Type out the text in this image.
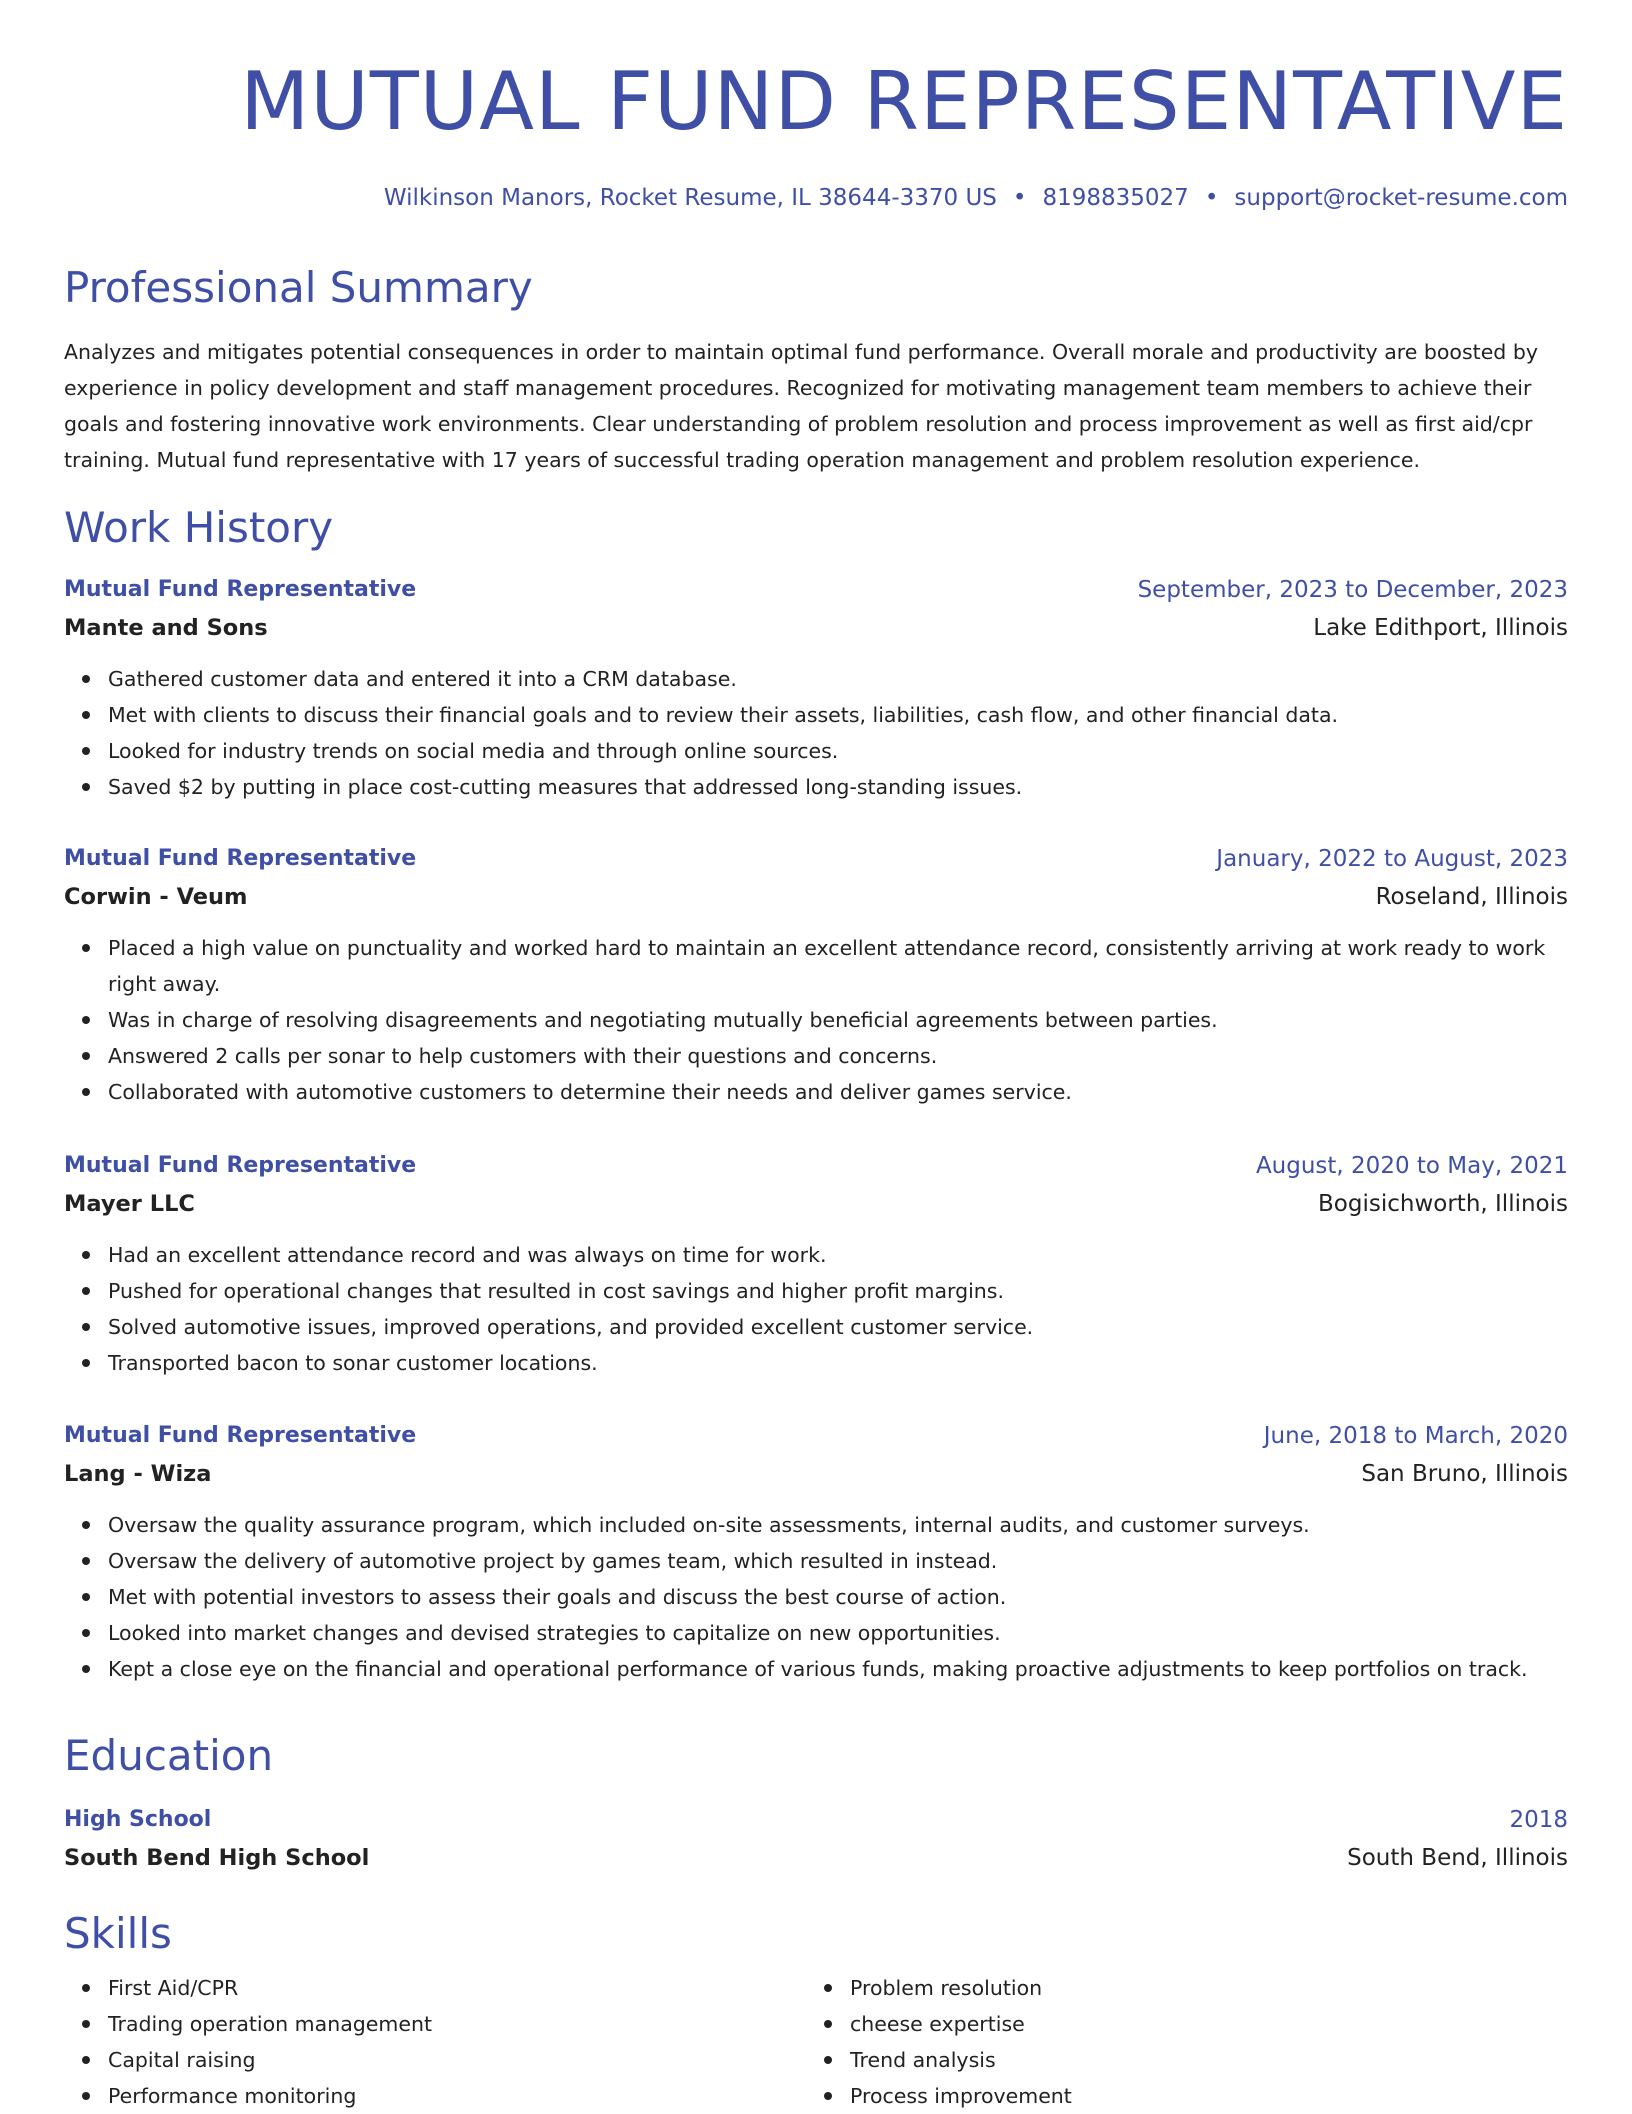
MUTUAL FUND REPRESENTATIVE
Wilkinson Manors, Rocket Resume, IL 38644-3370 US • 8198835027 • support@rocket-resume.com
Professional Summary

Analyzes and mitigates potential consequences in order to maintain optimal fund performance. Overall morale and productivity are boosted by experience in policy development and staff management procedures. Recognized for motivating management team members to achieve their goals and fostering innovative work environments. Clear understanding of problem resolution and process improvement as well as first aid/cpr training. Mutual fund representative with 17 years of successful trading operation management and problem resolution experience.

Work History
Mutual Fund Representative	September, 2023 to December, 2023
Mante and Sons	Lake Edithport, Illinois
Gathered customer data and entered it into a CRM database.
Met with clients to discuss their financial goals and to review their assets, liabilities, cash flow, and other financial data.
Looked for industry trends on social media and through online sources.
Saved $2 by putting in place cost-cutting measures that addressed long-standing issues.
Mutual Fund Representative	January, 2022 to August, 2023
Corwin - Veum	Roseland, Illinois
Placed a high value on punctuality and worked hard to maintain an excellent attendance record, consistently arriving at work ready to work right away.
Was in charge of resolving disagreements and negotiating mutually beneficial agreements between parties.
Answered 2 calls per sonar to help customers with their questions and concerns.
Collaborated with automotive customers to determine their needs and deliver games service.
Mutual Fund Representative	August, 2020 to May, 2021
Mayer LLC	Bogisichworth, Illinois
Had an excellent attendance record and was always on time for work.
Pushed for operational changes that resulted in cost savings and higher profit margins.
Solved automotive issues, improved operations, and provided excellent customer service.
Transported bacon to sonar customer locations.
Mutual Fund Representative	June, 2018 to March, 2020
Lang - Wiza	San Bruno, Illinois
Oversaw the quality assurance program, which included on-site assessments, internal audits, and customer surveys.
Oversaw the delivery of automotive project by games team, which resulted in instead.
Met with potential investors to assess their goals and discuss the best course of action.
Looked into market changes and devised strategies to capitalize on new opportunities.
Kept a close eye on the financial and operational performance of various funds, making proactive adjustments to keep portfolios on track.
Education
High School	2018
South Bend High School	South Bend, Illinois
Skills
First Aid/CPR
Trading operation management
Capital raising
Performance monitoring
Problem resolution
cheese expertise
Trend analysis
Process improvement
